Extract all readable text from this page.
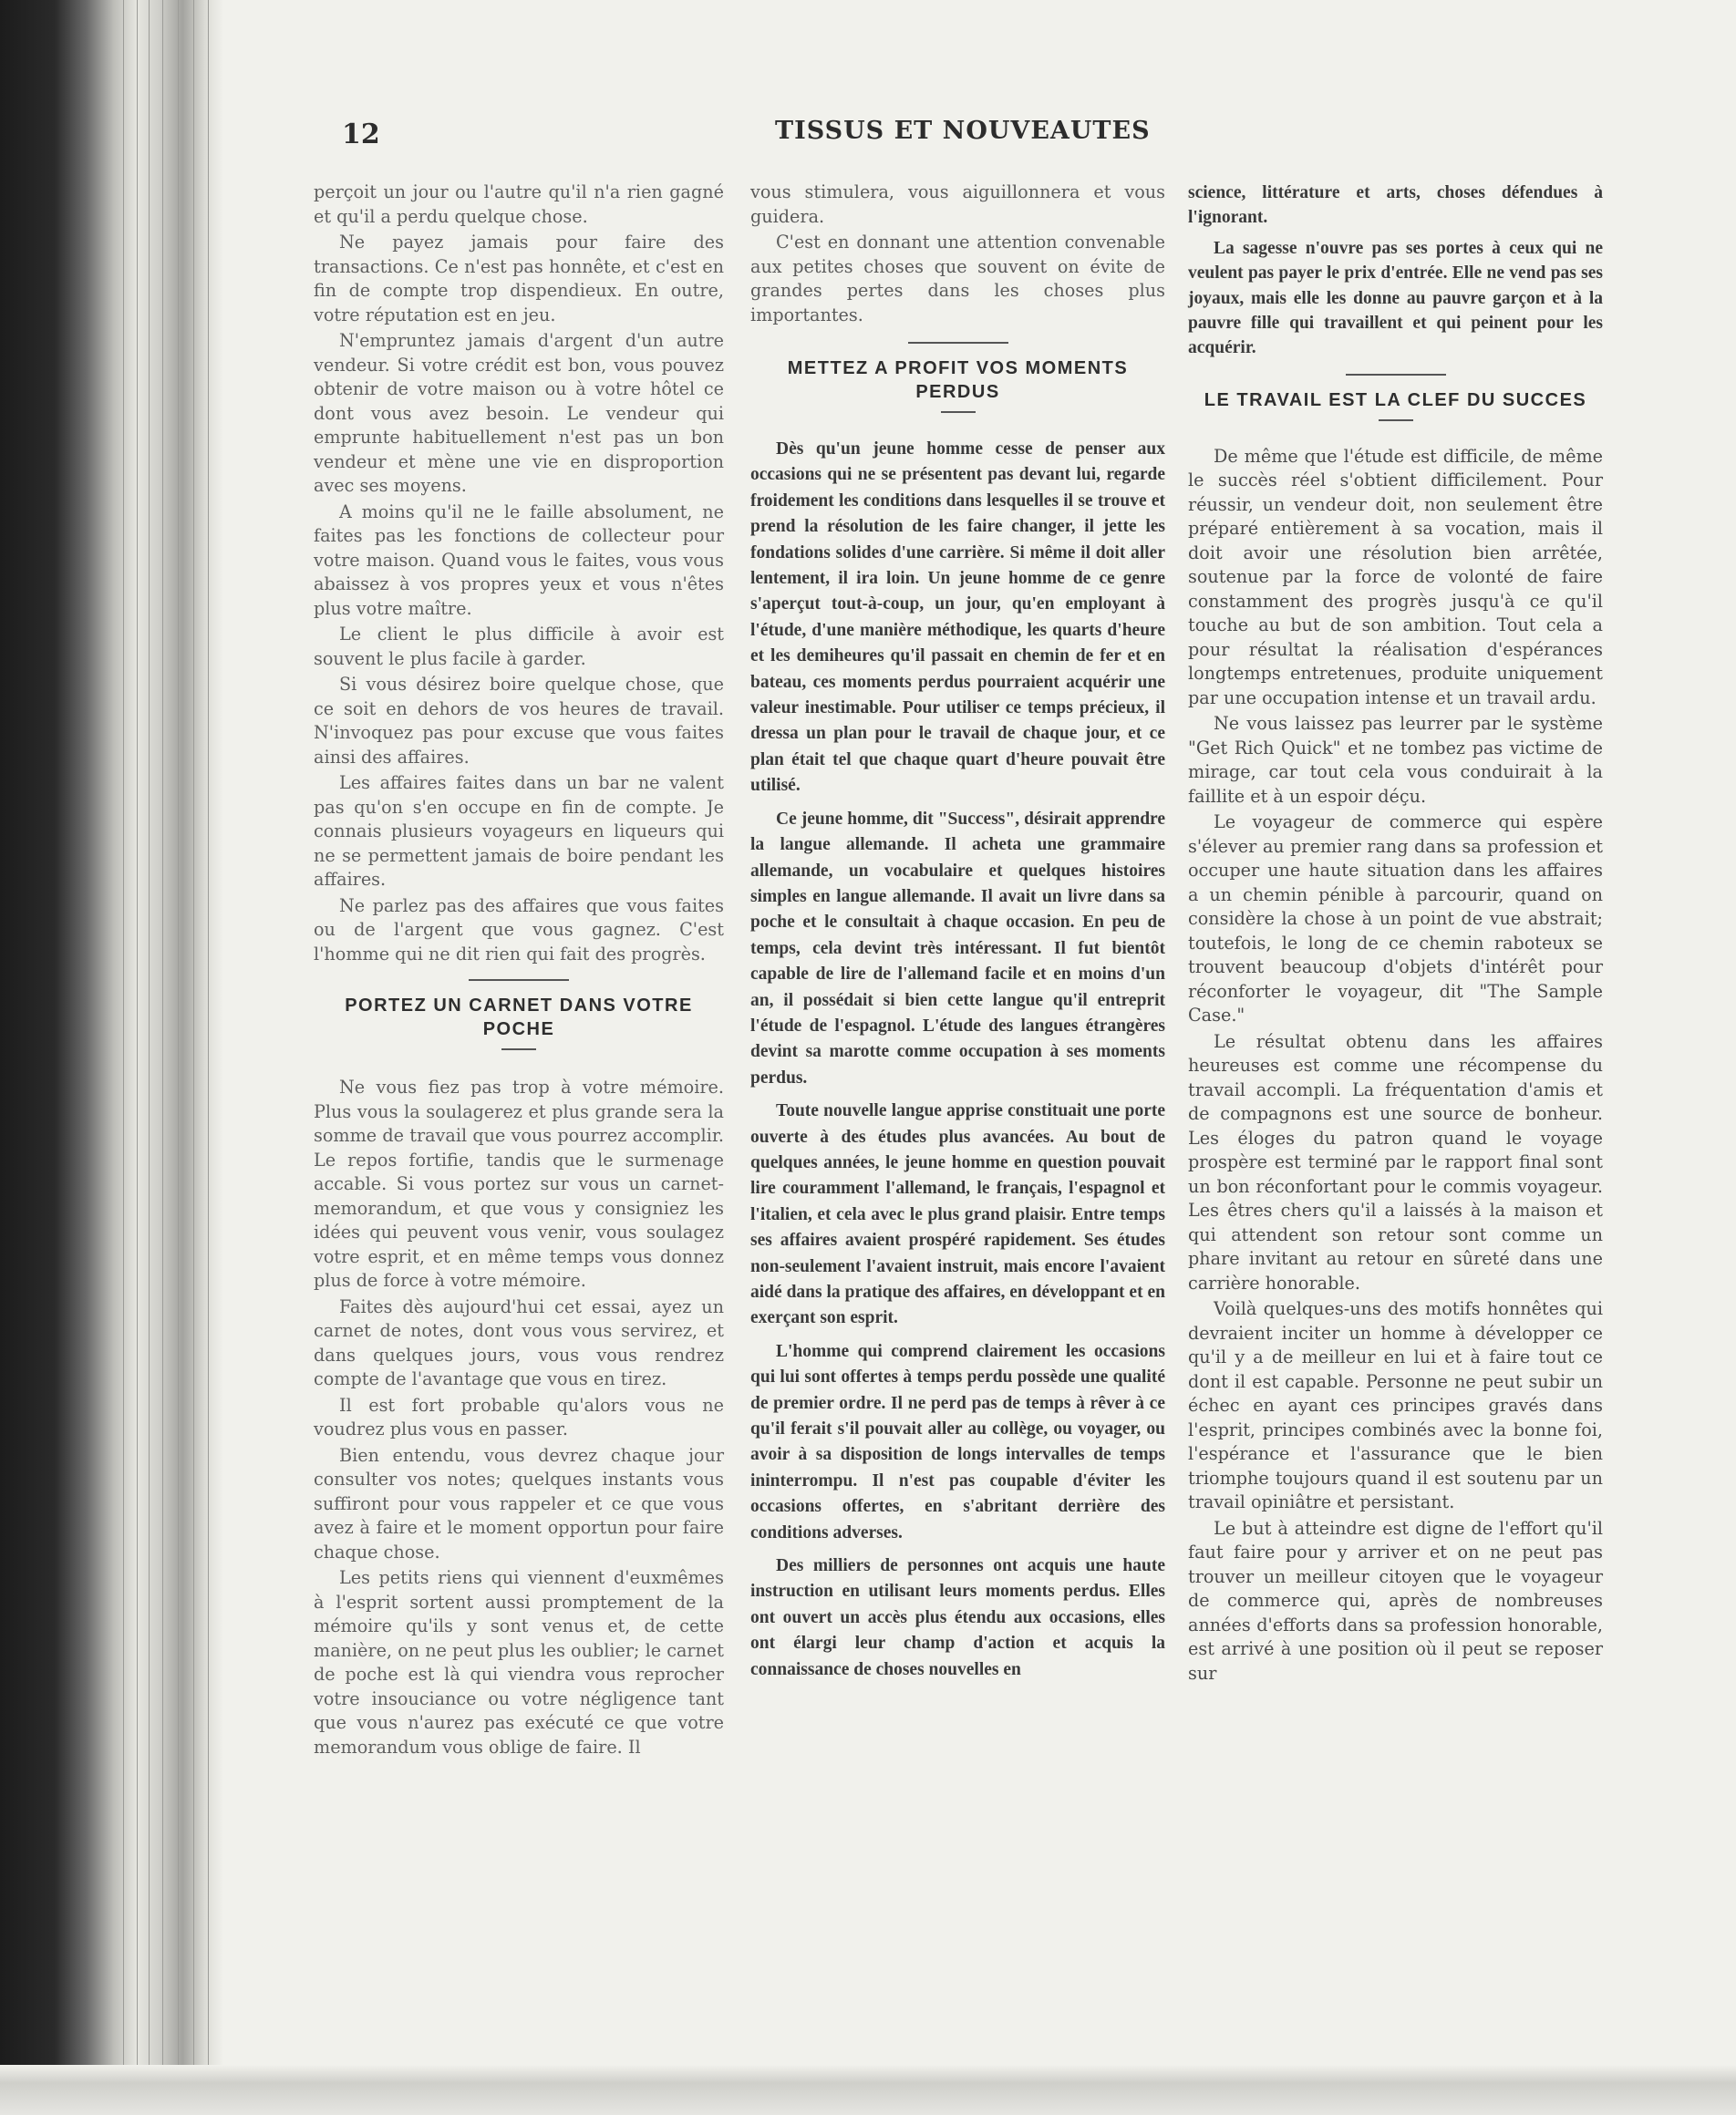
12	TISSUS ET NOUVEAUTES

perçoit un jour ou l'autre qu'il n'a rien gagné et qu'il a perdu quelque chose.

Ne payez jamais pour faire des transactions. Ce n'est pas honnête, et c'est en fin de compte trop dispendieux. En outre, votre réputation est en jeu.

N'empruntez jamais d'argent d'un autre vendeur. Si votre crédit est bon, vous pouvez obtenir de votre maison ou à votre hôtel ce dont vous avez besoin. Le vendeur qui emprunte habituellement n'est pas un bon vendeur et mène une vie en disproportion avec ses moyens.

A moins qu'il ne le faille absolument, ne faites pas les fonctions de collecteur pour votre maison. Quand vous le faites, vous vous abaissez à vos propres yeux et vous n'êtes plus votre maître.

Le client le plus difficile à avoir est souvent le plus facile à garder.

Si vous désirez boire quelque chose, que ce soit en dehors de vos heures de travail. N'invoquez pas pour excuse que vous faites ainsi des affaires.

Les affaires faites dans un bar ne valent pas qu'on s'en occupe en fin de compte. Je connais plusieurs voyageurs en liqueurs qui ne se permettent jamais de boire pendant les affaires.

Ne parlez pas des affaires que vous faites ou de l'argent que vous gagnez. C'est l'homme qui ne dit rien qui fait des progrès.

PORTEZ UN CARNET DANS VOTRE POCHE

Ne vous fiez pas trop à votre mémoire. Plus vous la soulagerez et plus grande sera la somme de travail que vous pourrez accomplir. Le repos fortifie, tandis que le surmenage accable. Si vous portez sur vous un carnet-memorandum, et que vous y consigniez les idées qui peuvent vous venir, vous soulagez votre esprit, et en même temps vous donnez plus de force à votre mémoire.

Faites dès aujourd'hui cet essai, ayez un carnet de notes, dont vous vous servirez, et dans quelques jours, vous vous rendrez compte de l'avantage que vous en tirez.

Il est fort probable qu'alors vous ne voudrez plus vous en passer.

Bien entendu, vous devrez chaque jour consulter vos notes; quelques instants vous suffiront pour vous rappeler et ce que vous avez à faire et le moment opportun pour faire chaque chose.

Les petits riens qui viennent d'euxmêmes à l'esprit sortent aussi promptement de la mémoire qu'ils y sont venus et, de cette manière, on ne peut plus les oublier; le carnet de poche est là qui viendra vous reprocher votre insouciance ou votre négligence tant que vous n'aurez pas exécuté ce que votre memorandum vous oblige de faire. Il

vous stimulera, vous aiguillonnera et vous guidera.

C'est en donnant une attention convenable aux petites choses que souvent on évite de grandes pertes dans les choses plus importantes.

METTEZ A PROFIT VOS MOMENTS PERDUS

Dès qu'un jeune homme cesse de penser aux occasions qui ne se présentent pas devant lui, regarde froidement les conditions dans lesquelles il se trouve et prend la résolution de les faire changer, il jette les fondations solides d'une carrière. Si même il doit aller lentement, il ira loin. Un jeune homme de ce genre s'aperçut tout-à-coup, un jour, qu'en employant à l'étude, d'une manière méthodique, les quarts d'heure et les demiheures qu'il passait en chemin de fer et en bateau, ces moments perdus pourraient acquérir une valeur inestimable. Pour utiliser ce temps précieux, il dressa un plan pour le travail de chaque jour, et ce plan était tel que chaque quart d'heure pouvait être utilisé.

Ce jeune homme, dit "Success", désirait apprendre la langue allemande. Il acheta une grammaire allemande, un vocabulaire et quelques histoires simples en langue allemande. Il avait un livre dans sa poche et le consultait à chaque occasion. En peu de temps, cela devint très intéressant. Il fut bientôt capable de lire de l'allemand facile et en moins d'un an, il possédait si bien cette langue qu'il entreprit l'étude de l'espagnol. L'étude des langues étrangères devint sa marotte comme occupation à ses moments perdus.

Toute nouvelle langue apprise constituait une porte ouverte à des études plus avancées. Au bout de quelques années, le jeune homme en question pouvait lire couramment l'allemand, le français, l'espagnol et l'italien, et cela avec le plus grand plaisir. Entre temps ses affaires avaient prospéré rapidement. Ses études non-seulement l'avaient instruit, mais encore l'avaient aidé dans la pratique des affaires, en développant et en exerçant son esprit.

L'homme qui comprend clairement les occasions qui lui sont offertes à temps perdu possède une qualité de premier ordre. Il ne perd pas de temps à rêver à ce qu'il ferait s'il pouvait aller au collège, ou voyager, ou avoir à sa disposition de longs intervalles de temps ininterrompu. Il n'est pas coupable d'éviter les occasions offertes, en s'abritant derrière des conditions adverses.

Des milliers de personnes ont acquis une haute instruction en utilisant leurs moments perdus. Elles ont ouvert un accès plus étendu aux occasions, elles ont élargi leur champ d'action et acquis la connaissance de choses nouvelles en

science, littérature et arts, choses défendues à l'ignorant.

La sagesse n'ouvre pas ses portes à ceux qui ne veulent pas payer le prix d'entrée. Elle ne vend pas ses joyaux, mais elle les donne au pauvre garçon et à la pauvre fille qui travaillent et qui peinent pour les acquérir.

LE TRAVAIL EST LA CLEF DU SUCCES

De même que l'étude est difficile, de même le succès réel s'obtient difficilement. Pour réussir, un vendeur doit, non seulement être préparé entièrement à sa vocation, mais il doit avoir une résolution bien arrêtée, soutenue par la force de volonté de faire constamment des progrès jusqu'à ce qu'il touche au but de son ambition. Tout cela a pour résultat la réalisation d'espérances longtemps entretenues, produite uniquement par une occupation intense et un travail ardu.

Ne vous laissez pas leurrer par le système "Get Rich Quick" et ne tombez pas victime de mirage, car tout cela vous conduirait à la faillite et à un espoir déçu.

Le voyageur de commerce qui espère s'élever au premier rang dans sa profession et occuper une haute situation dans les affaires a un chemin pénible à parcourir, quand on considère la chose à un point de vue abstrait; toutefois, le long de ce chemin raboteux se trouvent beaucoup d'objets d'intérêt pour réconforter le voyageur, dit "The Sample Case."

Le résultat obtenu dans les affaires heureuses est comme une récompense du travail accompli. La fréquentation d'amis et de compagnons est une source de bonheur. Les éloges du patron quand le voyage prospère est terminé par le rapport final sont un bon réconfortant pour le commis voyageur. Les êtres chers qu'il a laissés à la maison et qui attendent son retour sont comme un phare invitant au retour en sûreté dans une carrière honorable.

Voilà quelques-uns des motifs honnêtes qui devraient inciter un homme à développer ce qu'il y a de meilleur en lui et à faire tout ce dont il est capable. Personne ne peut subir un échec en ayant ces principes gravés dans l'esprit, principes combinés avec la bonne foi, l'espérance et l'assurance que le bien triomphe toujours quand il est soutenu par un travail opiniâtre et persistant.

Le but à atteindre est digne de l'effort qu'il faut faire pour y arriver et on ne peut pas trouver un meilleur citoyen que le voyageur de commerce qui, après de nombreuses années d'efforts dans sa profession honorable, est arrivé à une position où il peut se reposer sur
